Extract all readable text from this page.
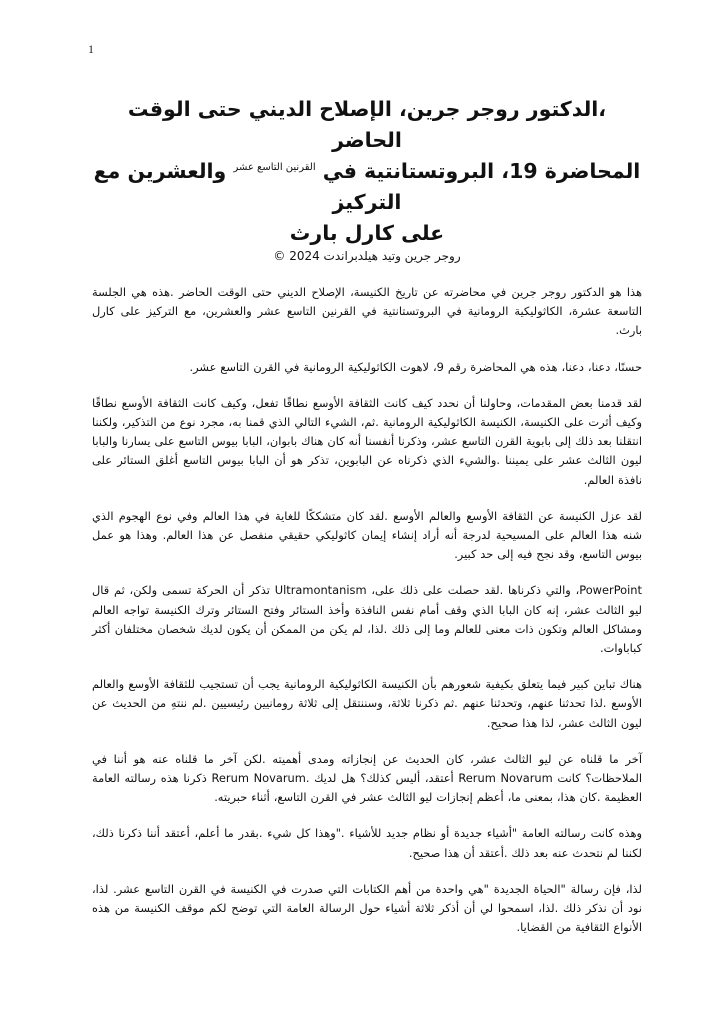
1
،الدكتور روجر جرين، الإصلاح الديني حتى الوقت الحاضر
المحاضرة 19، البروتستانتية في $^{القرنين التاسع عشر}$ والعشرين مع التركيز
على كارل بارث
روجر جرين وتيد هيلدبراندت 2024 ©

هذا هو الدكتور روجر جرين في محاضرته عن تاريخ الكنيسة، الإصلاح الديني حتى الوقت الحاضر .هذه هي الجلسة التاسعة عشرة، الكاثوليكية الرومانية في البروتستانتية في القرنين التاسع عشر والعشرين، مع التركيز على كارل بارث.

حسنًا، دعنا، دعنا، هذه هي المحاضرة رقم 9، لاهوت الكاثوليكية الرومانية في القرن التاسع عشر.

لقد قدمنا بعض المقدمات، وحاولنا أن نحدد كيف كانت الثقافة الأوسع نطاقًا تفعل، وكيف كانت الثقافة الأوسع نطاقًا وكيف أثرت على الكنيسة، الكنيسة الكاثوليكية الرومانية .ثم، الشيء التالي الذي قمنا به، مجرد نوع من التذكير، ولكننا انتقلنا بعد ذلك إلى بابوية القرن التاسع عشر، وذكرنا أنفسنا أنه كان هناك بابوان، البابا بيوس التاسع على يسارنا والبابا ليون الثالث عشر على يميننا .والشيء الذي ذكرناه عن البابوين، تذكر هو أن البابا بيوس التاسع أغلق الستائر على نافذة العالم.

لقد عزل الكنيسة عن الثقافة الأوسع والعالم الأوسع .لقد كان متشككًا للغاية في هذا العالم وفي نوع الهجوم الذي شنه هذا العالم على المسيحية لدرجة أنه أراد إنشاء إيمان كاثوليكي حقيقي منفصل عن هذا العالم. وهذا هو عمل بيوس التاسع، وقد نجح فيه إلى حد كبير.

PowerPoint، والتي ذكرناها .لقد حصلت على ذلك على، Ultramontanism تذكر أن الحركة تسمى ولكن، ثم قال ليو الثالث عشر، إنه كان البابا الذي وقف أمام نفس النافذة وأخذ الستائر وفتح الستائر وترك الكنيسة تواجه العالم ومشاكل العالم وتكون ذات معنى للعالم وما إلى ذلك .لذا، لم يكن من الممكن أن يكون لديك شخصان مختلفان أكثر كباباوات.

هناك تباين كبير فيما يتعلق بكيفية شعورهم بأن الكنيسة الكاثوليكية الرومانية يجب أن تستجيب للثقافة الأوسع والعالم الأوسع .لذا تحدثنا عنهم، وتحدثنا عنهم .ثم ذكرنا ثلاثة، وسننتقل إلى ثلاثة رومانيين رئيسيين .لم ننتهِ من الحديث عن ليون الثالث عشر، لذا هذا صحيح.

آخر ما قلناه عن ليو الثالث عشر، كان الحديث عن إنجازاته ومدى أهميته .لكن آخر ما قلناه عنه هو أننا في الملاحظات؟ كانت Rerum Novarum أعتقد، أليس كذلك؟ هل لديك .Rerum Novarum ذكرنا هذه رسالته العامة العظيمة .كان هذا، بمعنى ما، أعظم إنجازات ليو الثالث عشر في القرن التاسع، أثناء حبريته.

وهذه كانت رسالته العامة "أشياء جديدة أو نظام جديد للأشياء ."وهذا كل شيء .بقدر ما أعلم، أعتقد أننا ذكرنا ذلك، لكننا لم نتحدث عنه بعد ذلك .أعتقد أن هذا صحيح.

لذا، فإن رسالة "الحياة الجديدة "هي واحدة من أهم الكتابات التي صدرت في الكنيسة في القرن التاسع عشر. لذا، نود أن نذكر ذلك .لذا، اسمحوا لي أن أذكر ثلاثة أشياء حول الرسالة العامة التي توضح لكم موقف الكنيسة من هذه الأنواع الثقافية من القضايا.
